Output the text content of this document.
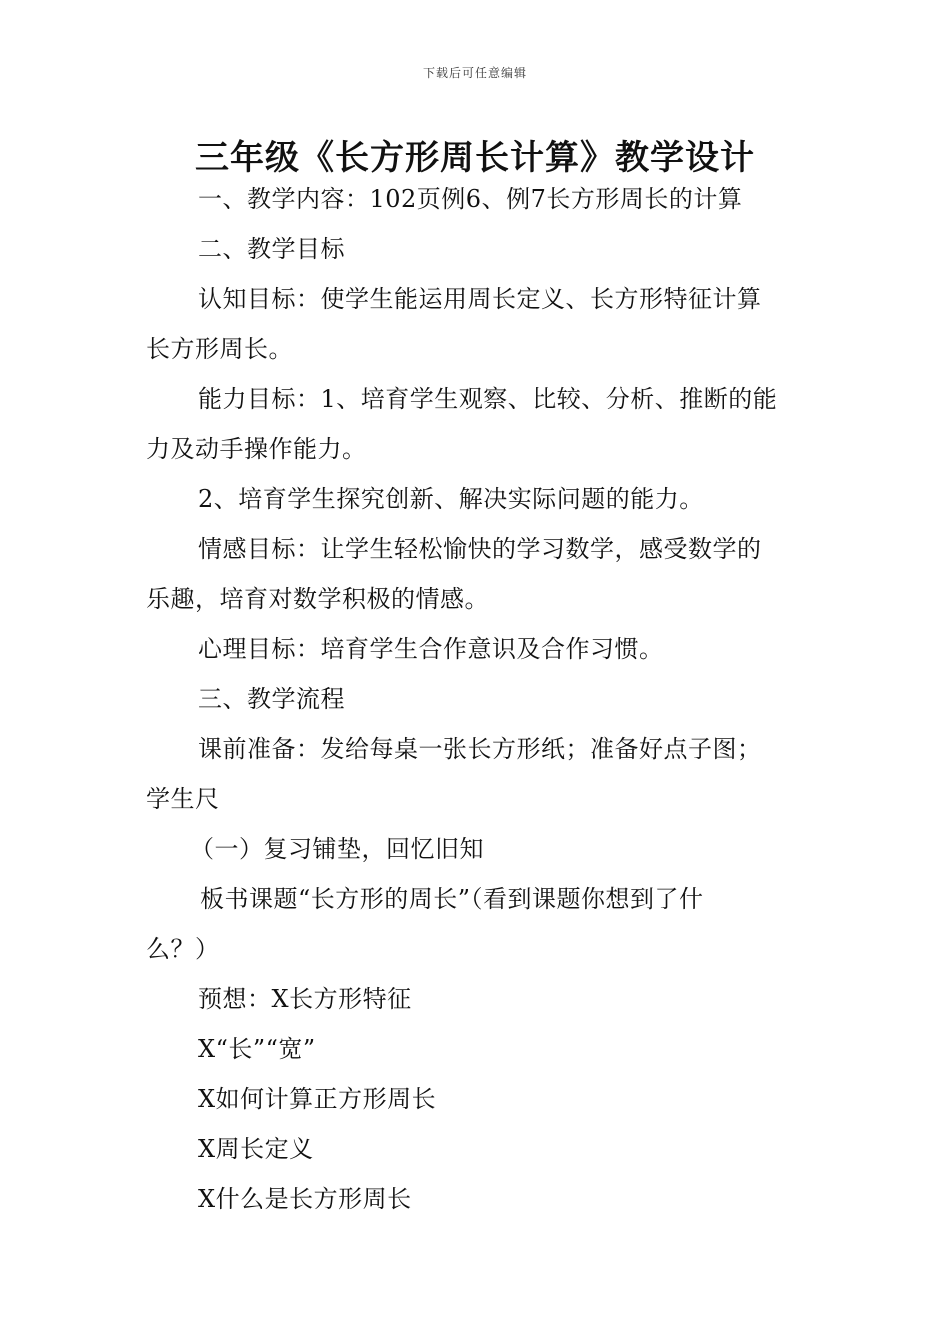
下载后可任意编辑
三年级《长方形周长计算》教学设计
一、教学内容：102页例6、例7长方形周长的计算
二、教学目标
认知目标：使学生能运用周长定义、长方形特征计算
长方形周长。
能力目标：1、培育学生观察、比较、分析、推断的能
力及动手操作能力。
2、培育学生探究创新、解决实际问题的能力。
情感目标：让学生轻松愉快的学习数学，感受数学的
乐趣，培育对数学积极的情感。
心理目标：培育学生合作意识及合作习惯。
三、教学流程
课前准备：发给每桌一张长方形纸；准备好点子图；
学生尺
（一）复习铺垫，回忆旧知
板书课题“长方形的周长”（看到课题你想到了什
么？）
预想：X长方形特征
X“长”“宽”
X如何计算正方形周长
X周长定义
X什么是长方形周长
